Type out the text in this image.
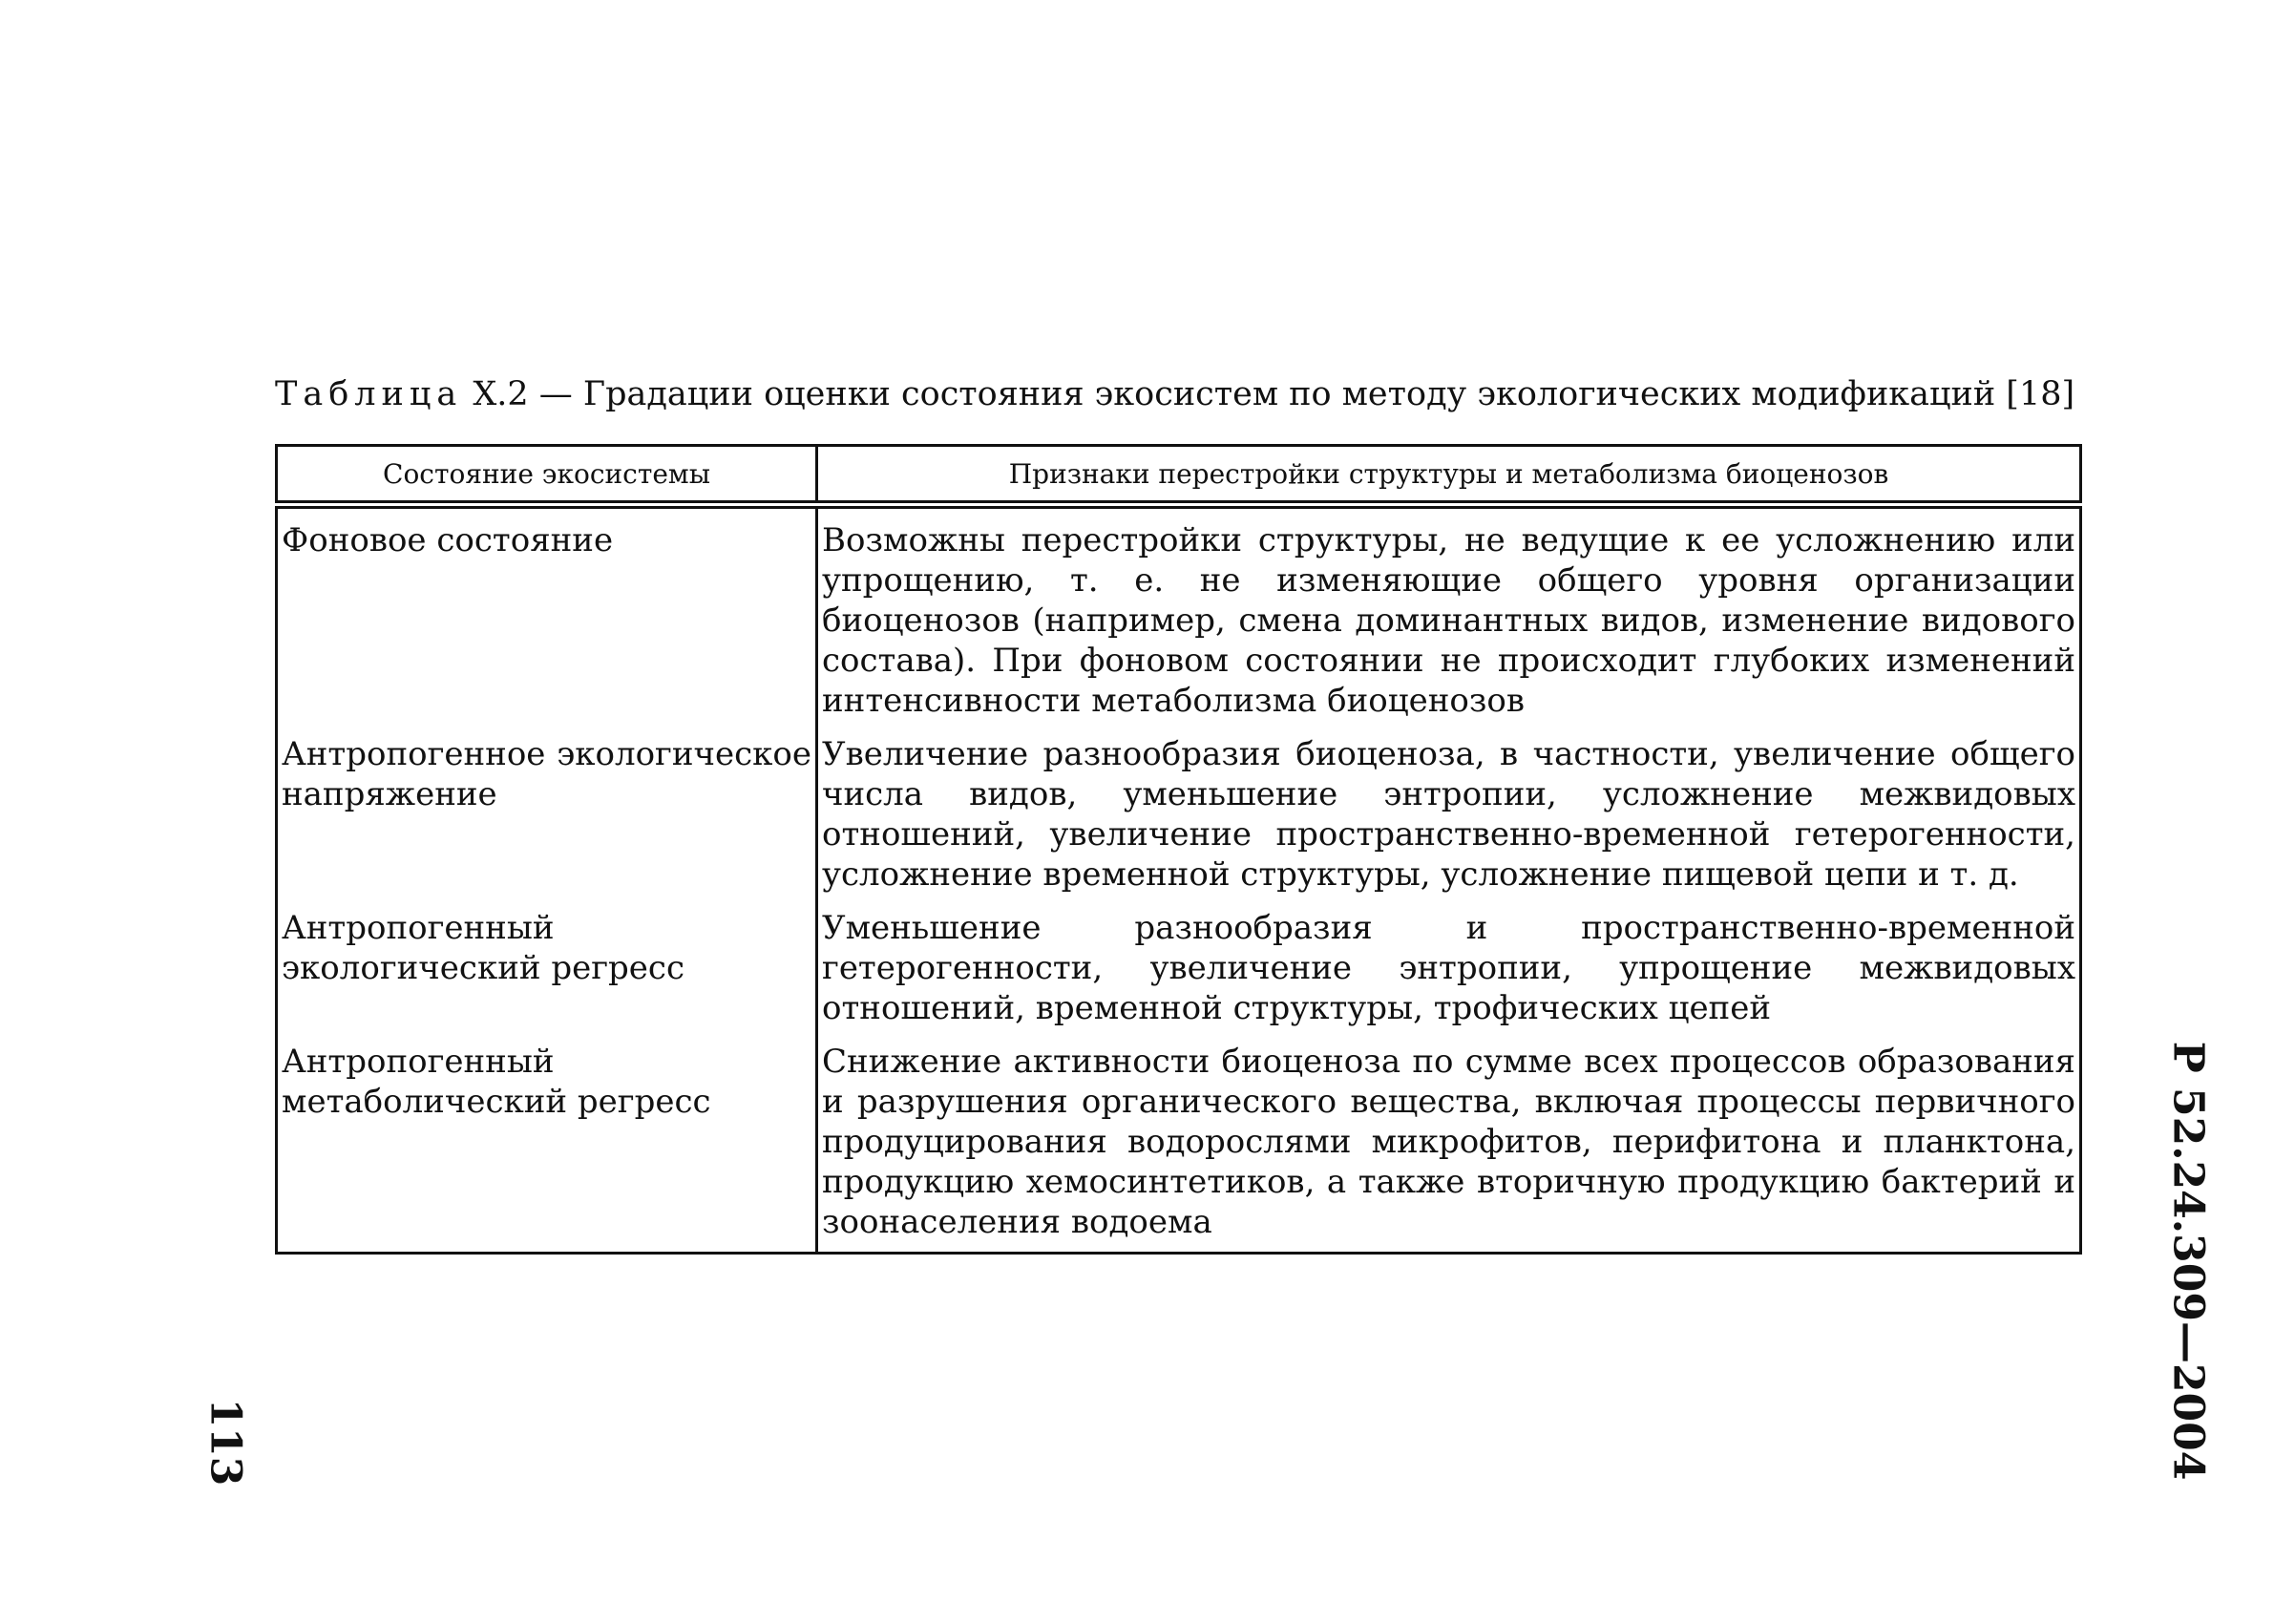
Таблица Х.2 — Градации оценки состояния экосистем по методу экологических модификаций [18]
Состояние экосистемы	Признаки перестройки структуры и метаболизма биоценозов
Фоновое состояние	Возможны перестройки структуры, не ведущие к ее усложнению или упрощению, т. е. не изменяющие общего уровня организации биоценозов (например, смена доминантных видов, изменение видового состава). При фоновом состоянии не происходит глубоких изменений интенсивности метаболизма биоценозов
Антропогенное экологическое напряжение	Увеличение разнообразия биоценоза, в частности, увеличение общего числа видов, уменьшение энтропии, усложнение межвидовых отношений, увеличение пространственно-временной гетерогенности, усложнение временной структуры, усложнение пищевой цепи и т. д.
Антропогенный экологический регресс	Уменьшение разнообразия и пространственно-временной гетерогенности, увеличение энтропии, упрощение межвидовых отношений, временной структуры, трофических цепей
Антропогенный метаболический регресс	Снижение активности биоценоза по сумме всех процессов образования и разрушения органического вещества, включая процессы первичного продуцирования водорослями микрофитов, перифитона и планктона, продукцию хемосинтетиков, а также вторичную продукцию бактерий и зоонаселения водоема
113	Р 52.24.309—2004
